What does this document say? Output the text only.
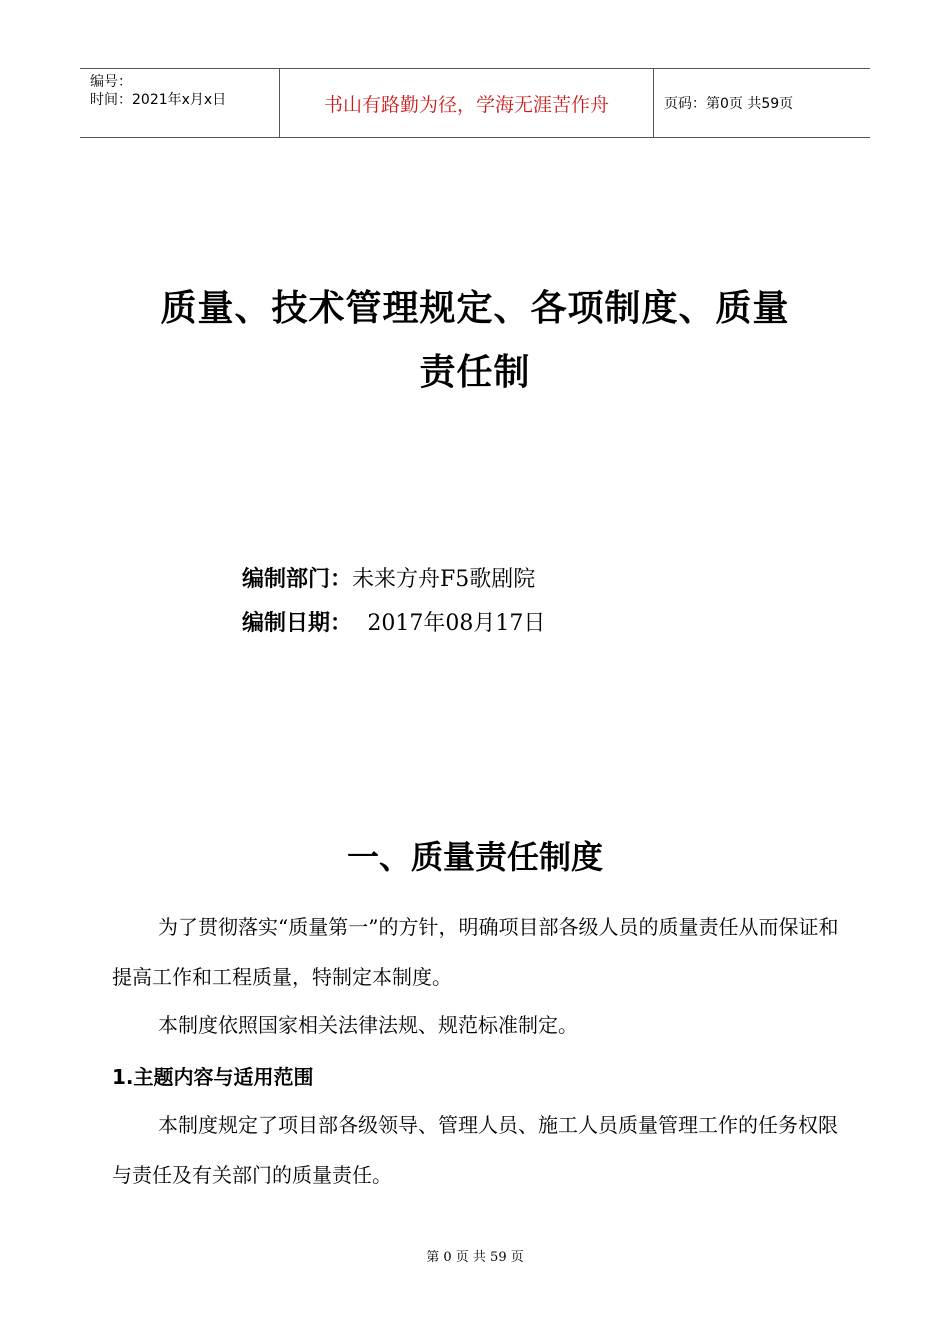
编号：
时间：2021年x月x日	书山有路勤为径，学海无涯苦作舟	页码：第0页 共59页
质量、技术管理规定、各项制度、质量
责任制
编制部门：未来方舟F5歌剧院
编制日期： 2017年08月17日
一、质量责任制度
为了贯彻落实“质量第一”的方针，明确项目部各级人员的质量责任从而保证和提高工作和工程质量，特制定本制度。
本制度依照国家相关法律法规、规范标准制定。
1.主题内容与适用范围
本制度规定了项目部各级领导、管理人员、施工人员质量管理工作的任务权限与责任及有关部门的质量责任。
第 0 页 共 59 页
